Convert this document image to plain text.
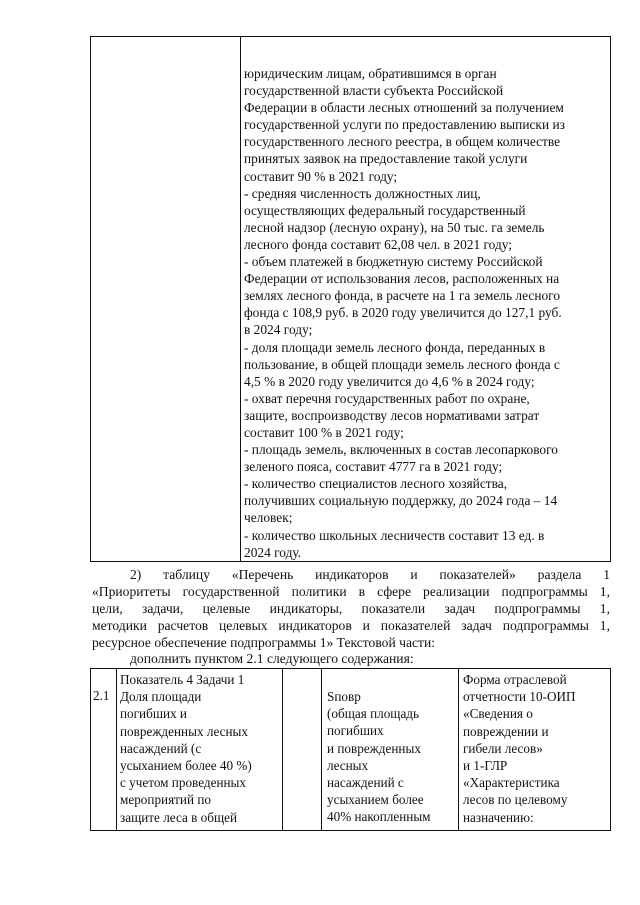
юридическим лицам, обратившимся в орган
государственной власти субъекта Российской
Федерации в области лесных отношений за получением
государственной услуги по предоставлению выписки из
государственного лесного реестра, в общем количестве
принятых заявок на предоставление такой услуги
составит 90 % в 2021 году;
- средняя численность должностных лиц,
осуществляющих федеральный государственный
лесной надзор (лесную охрану), на 50 тыс. га земель
лесного фонда составит 62,08 чел. в 2021 году;
- объем платежей в бюджетную систему Российской
Федерации от использования лесов, расположенных на
землях лесного фонда, в расчете на 1 га земель лесного
фонда с 108,9 руб. в 2020 году увеличится до 127,1 руб.
в 2024 году;
- доля площади земель лесного фонда, переданных в
пользование, в общей площади земель лесного фонда с
4,5 % в 2020 году увеличится до 4,6 % в 2024 году;
- охват перечня государственных работ по охране,
защите, воспроизводству лесов нормативами затрат
составит 100 % в 2021 году;
- площадь земель, включенных в состав лесопаркового
зеленого пояса, составит 4777 га в 2021 году;
- количество специалистов лесного хозяйства,
получивших социальную поддержку, до 2024 года – 14
человек;
- количество школьных лесничеств составит 13 ед. в
2024 году.
2) таблицу «Перечень индикаторов и показателей» раздела 1
«Приоритеты государственной политики в сфере реализации подпрограммы 1,
цели, задачи, целевые индикаторы, показатели задач подпрограммы 1,
методики расчетов целевых индикаторов и показателей задач подпрограммы 1,
ресурсное обеспечение подпрограммы 1» Текстовой части:
дополнить пунктом 2.1 следующего содержания:
2.1
Показатель 4 Задачи 1
Доля площади
погибших и
поврежденных лесных
насаждений (с
усыханием более 40 %)
с учетом проведенных
мероприятий по
защите леса в общей
Sповр
(общая площадь
погибших
и поврежденных
лесных
насаждений с
усыханием более
40% накопленным
Форма отраслевой
отчетности 10-ОИП
«Сведения о
повреждении и
гибели лесов»
и 1-ГЛР
«Характеристика
лесов по целевому
назначению:
